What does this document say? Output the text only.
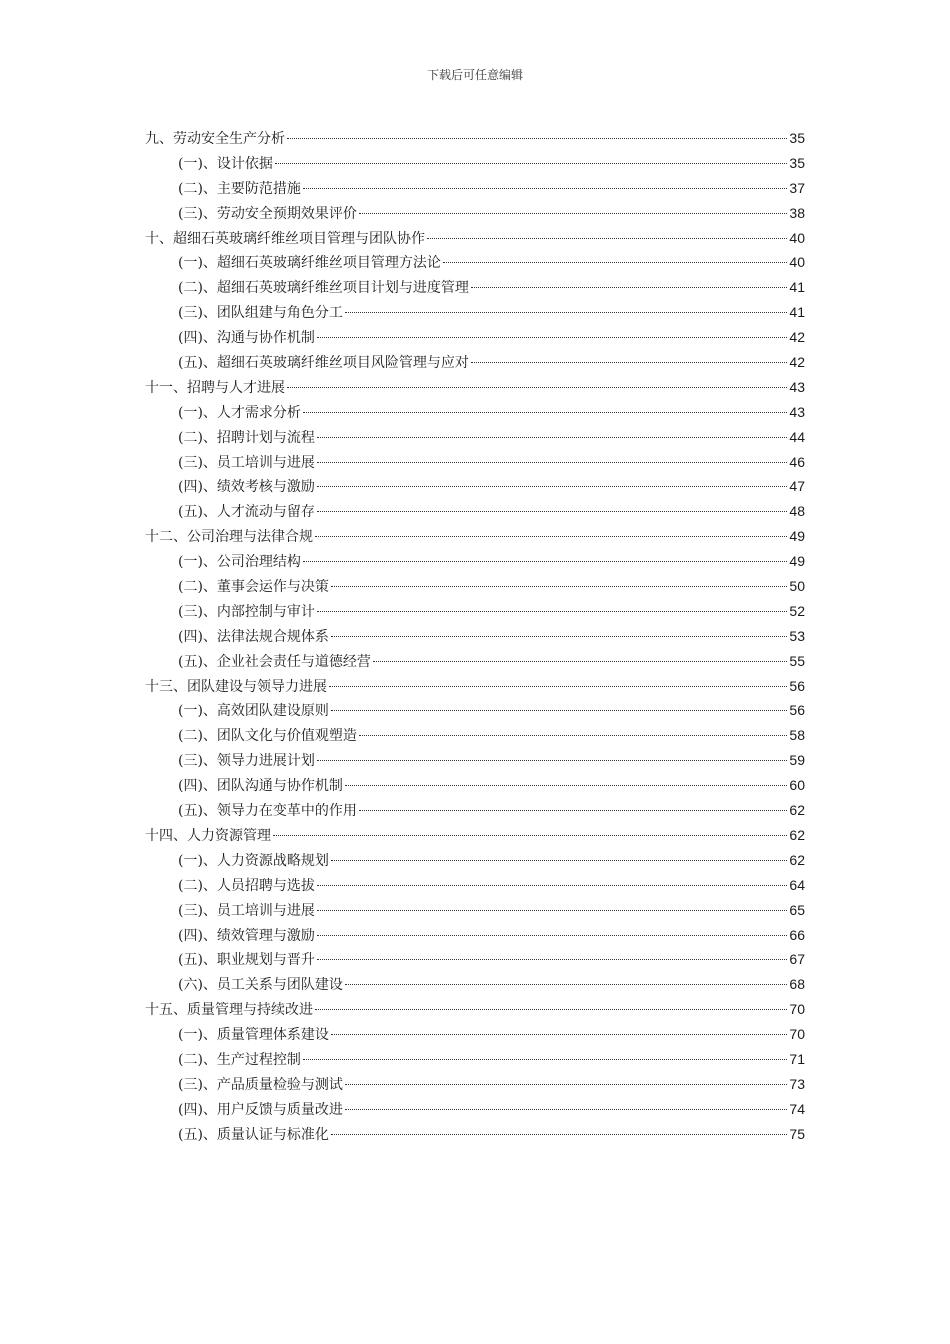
下载后可任意编辑
九、劳动安全生产分析	35
(一)、设计依据	35
(二)、主要防范措施	37
(三)、劳动安全预期效果评价	38
十、超细石英玻璃纤维丝项目管理与团队协作	40
(一)、超细石英玻璃纤维丝项目管理方法论	40
(二)、超细石英玻璃纤维丝项目计划与进度管理	41
(三)、团队组建与角色分工	41
(四)、沟通与协作机制	42
(五)、超细石英玻璃纤维丝项目风险管理与应对	42
十一、招聘与人才进展	43
(一)、人才需求分析	43
(二)、招聘计划与流程	44
(三)、员工培训与进展	46
(四)、绩效考核与激励	47
(五)、人才流动与留存	48
十二、公司治理与法律合规	49
(一)、公司治理结构	49
(二)、董事会运作与决策	50
(三)、内部控制与审计	52
(四)、法律法规合规体系	53
(五)、企业社会责任与道德经营	55
十三、团队建设与领导力进展	56
(一)、高效团队建设原则	56
(二)、团队文化与价值观塑造	58
(三)、领导力进展计划	59
(四)、团队沟通与协作机制	60
(五)、领导力在变革中的作用	62
十四、人力资源管理	62
(一)、人力资源战略规划	62
(二)、人员招聘与选拔	64
(三)、员工培训与进展	65
(四)、绩效管理与激励	66
(五)、职业规划与晋升	67
(六)、员工关系与团队建设	68
十五、质量管理与持续改进	70
(一)、质量管理体系建设	70
(二)、生产过程控制	71
(三)、产品质量检验与测试	73
(四)、用户反馈与质量改进	74
(五)、质量认证与标准化	75
